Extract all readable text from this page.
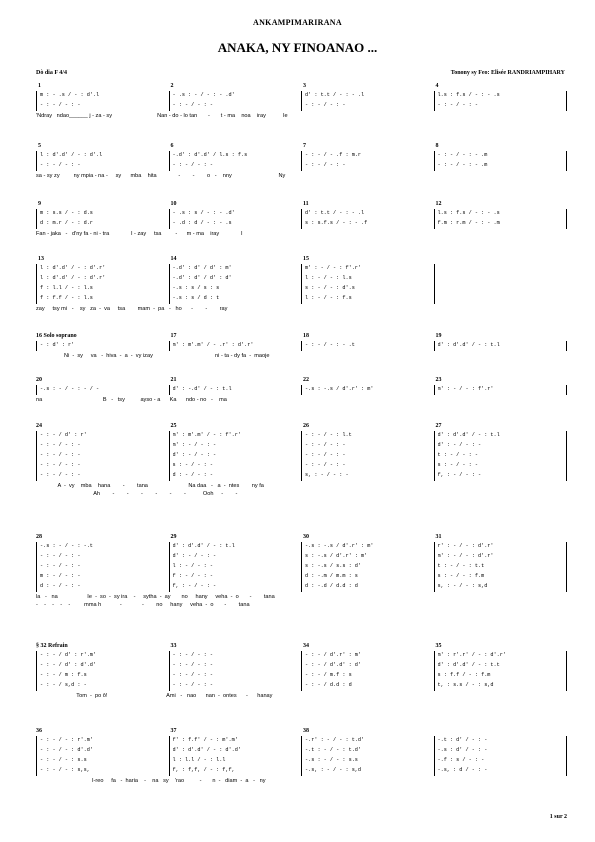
ANKAMPIMARIRANA
ANAKA, NY FINOANAO ...
Dò dia F 4/4	Tonony sy Feo: Elisée RANDRIAMPIHARY
1	2	3	4
m : - .s / - : d'.l	- .s : - / - : - .d'	d' : t.t / - : - .l	l.s : f.s / - : - .s
- : - / - : -	- : - / - : -	- : - / - : -	- : - / - : -
'Ndray   ndao______ j - za - sy                             Nan - do - lo tan       -       t - ma    noa    iray           Ie
5	6	7	8
l : d'.d' / - : d'.l	-.d' : d'.d' / l.s : f.s	- : - / - .f : m.r	- : - / - : - .m
- : - / - : -	- : - / - : -	- : - / - : -	- : - / - : - .m
sa - sy zy         ny mpia - na -     sy      mba    hita              -        -        o   -    nny                              Ny
9	10	11	12
m : s.s / - : d.s	- .s : s / - : - .d'	d' : t.t / - : - .l	l.s : f.s / - : - .s
d : m.r / - : d.r	- .d : d / - : - .s	s : s.f.s / - : - .f	f.m : r.m / - : - .m
Fan - jaka   -   d'ny fa - ni - tra              I - zay     tsa         -      m - ma    iray              I
13	14	15
l : d'.d' / - : d'.r'	-.d' : d' / d' : m'	m' : - / - : f'.r'
l : d'.d' / - : d'.r'	-.d' : d' / d' : d'	l : - / - : l.s
f : l.l / - : l.s	-.s : s / s : s	s : - / - : d'.s
f : f.f / - : l.s	-.s : s / d : t	l : - / - : f.s
zay     tsy mi   -    sy   za  -  va     tsa        mam  -  pa   -   ho      -        -        ray
16 Solo soprano	17	18	19
- : d' : r'	m' : m'.m' / - .r' : d'.r'	- : - / - : - .t	d' : d'.d' / - : t.l
Ni  -  sy     va   -  hiva  -  a  -  vy izay                                        ni - ta - dy fa  -  maoje
20	21	22	23
-.s : - / - : - / -	d' : -.d' / - : t.l	-.s : -.s / d'.r' : m'	m' : - / - : f'.r'
na                                       B   -   tsy          ayso - a      Ka      ndo - no   -    ma
24	25	26	27
- : - / d' : r'	m' : m'.m' / - : f'.r'	- : - / - : l.t	d' : d'.d' / - : t.l
- : - / - : -	m' : - / - : -	- : - / - : -	d' : - / - : -
- : - / - : -	d' : - / - : -	- : - / - : -	t : - / - : -
- : - / - : -	s : - / - : -	- : - / - : -	s : - / - : -
- : - / - : -	d : - / - : -	s, : - / - : -	f, : - / - : -
A  -  vy    mba    hana        -        tana                          Na daa   -   a  -  ntes        ny fa
Ah        -        -        -        -        -        -           Ooh     -        -
28	29	30	31
-.s : - / - : -.t	d' : d'.d' / - : t.l	-.s : -.s / d'.r' : m'	r' : - / - : d'.r'
- : - / - : -	d' : - / - : -	s : -.s / d'.r' : m'	m' : - / - : d'.r'
- : - / - : -	l : - / - : -	s : -.s / s.s : d'	t : - / - : t.t
m : - / - : -	f : - / - : -	d : -.m / m.m : s	s : - / - : f.m
d : - / - : -	f, : - / - : -	d : -.d / d.d : d	s, : - / - : s,d
la   -   na                   Ie  -  so  -  sy ira    -     sytha  -  ay       no     hany     veha  -  o       -        tana
-    -    -    -    -         mma h            -             -        no     hany     veha  -  o       -        tana
§ 32 Refrain	33	34	35
- : - / d' : r'.m'	- : - / - : -	- : - / d'.r' : m'	m' : r'.r' / - : d'.r'
- : - / d' : d'.d'	- : - / - : -	- : - / d'.d' : d'	d' : d'.d' / - : t.t
- : - / m : f.s	- : - / - : -	- : - / m.f : s	s : f.f / - : f.m
- : - / s,d : -	- : - / - : -	- : - / d.d : d	t, : s.s / - : s,d
Tom  -  po ô!                                      Ami   -   nao      nan  -  ontes      -      hanay
36	37	38
- : - / - : r'.m'	f' : f.f' / - : m'.m'	-.r' : - / - : t.d'	-.t : d' / - : -
- : - / - : d'.d'	d' : d'.d' / - : d'.d'	-.t : - / - : t.d'	-.s : d' / - : -
- : - / - : s.s	l : l.l / - : l.l	-.s : - / - : s.s	-.f : s / - : -
- : - / - : s,s,	f, : f,f, / - : f,f,	-.s, : - / - : s,d	-.s, : d / - : -
I-reo     fa   -  haria    -    na   sy    'rao          -       n  -   diam  -  a   -   ny
1 sur 2
